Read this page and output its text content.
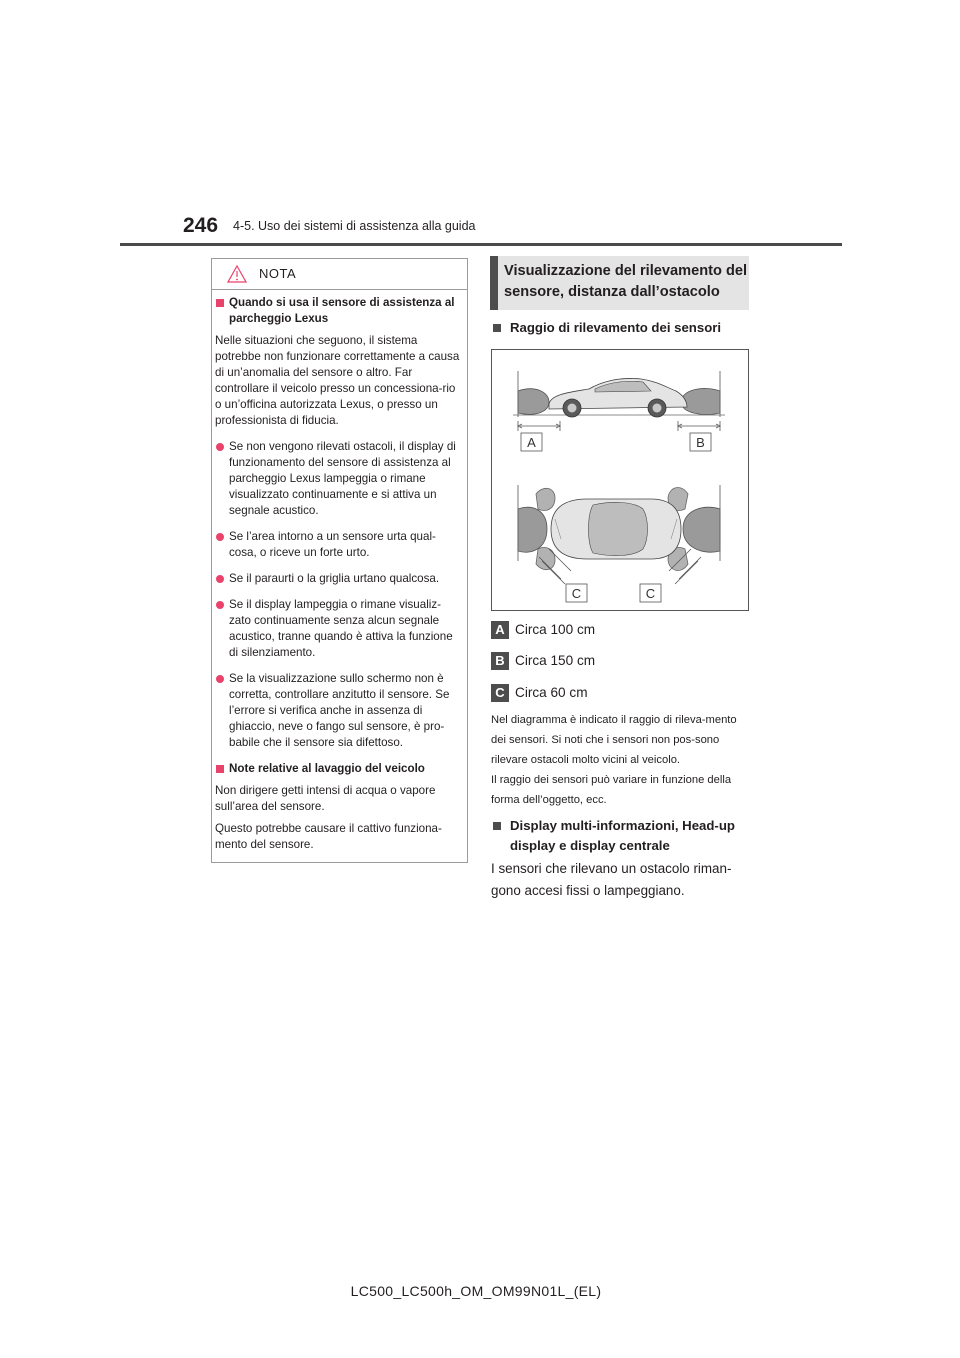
246 4-5. Uso dei sistemi di assistenza alla guida
NOTA
Quando si usa il sensore di assistenza al parcheggio Lexus
Nelle situazioni che seguono, il sistema potrebbe non funzionare correttamente a causa di un’anomalia del sensore o altro. Far controllare il veicolo presso un concessiona-rio o un’officina autorizzata Lexus, o presso un professionista di fiducia.
Se non vengono rilevati ostacoli, il display di funzionamento del sensore di assistenza al parcheggio Lexus lampeggia o rimane visualizzato continuamente e si attiva un segnale acustico.
Se l’area intorno a un sensore urta qual-cosa, o riceve un forte urto.
Se il paraurti o la griglia urtano qualcosa.
Se il display lampeggia o rimane visualiz-zato continuamente senza alcun segnale acustico, tranne quando è attiva la funzione di silenziamento.
Se la visualizzazione sullo schermo non è corretta, controllare anzitutto il sensore. Se l’errore si verifica anche in assenza di ghiaccio, neve o fango sul sensore, è pro-babile che il sensore sia difettoso.
Note relative al lavaggio del veicolo
Non dirigere getti intensi di acqua o vapore sull’area del sensore.
Questo potrebbe causare il cattivo funziona-mento del sensore.
Visualizzazione del rilevamento del sensore, distanza dall’ostacolo
Raggio di rilevamento dei sensori
A	B
C	C
A Circa 100 cm
B Circa 150 cm
C Circa 60 cm
Nel diagramma è indicato il raggio di rileva-mento dei sensori. Si noti che i sensori non pos-sono rilevare ostacoli molto vicini al veicolo.
Il raggio dei sensori può variare in funzione della forma dell’oggetto, ecc.
Display multi-informazioni, Head-up display e display centrale
I sensori che rilevano un ostacolo riman-gono accesi fissi o lampeggiano.
LC500_LC500h_OM_OM99N01L_(EL)
